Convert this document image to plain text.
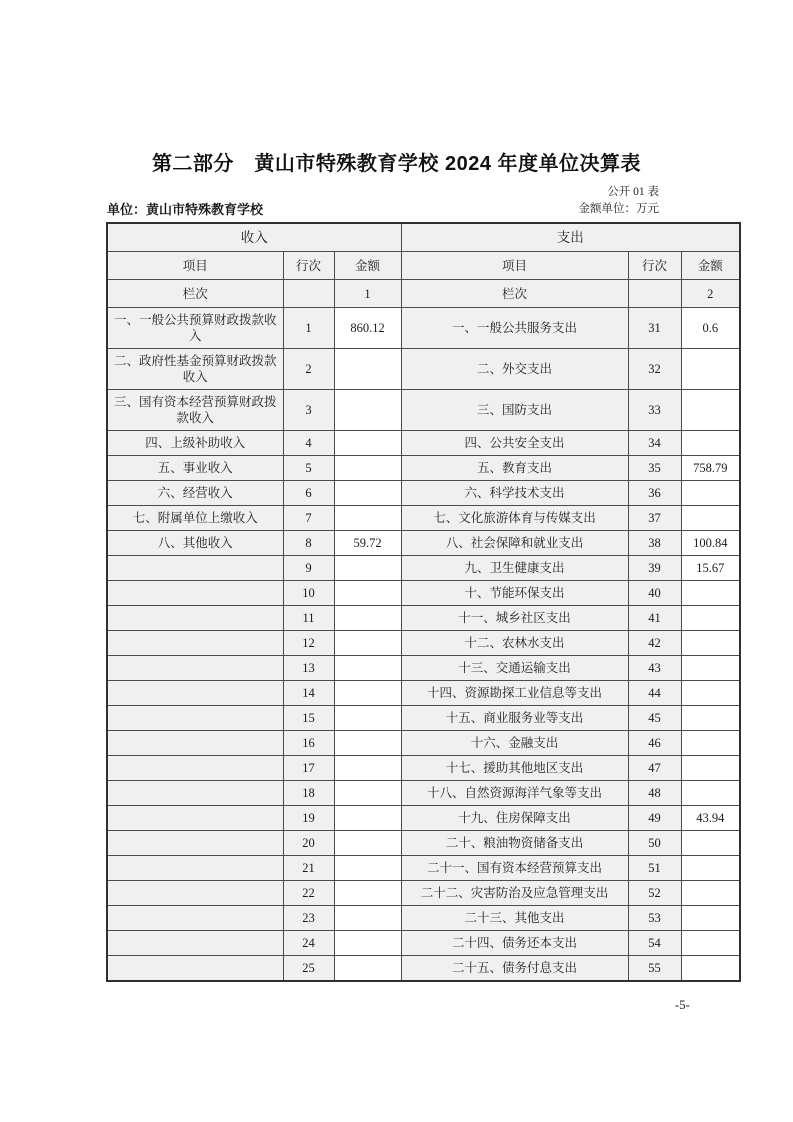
第二部分　黄山市特殊教育学校 2024 年度单位决算表
公开 01 表
金额单位：万元
单位：黄山市特殊教育学校
收入			支出		
项目	行次	金额	项目	行次	金额
栏次		1	栏次		2
一、一般公共预算财政拨款收入	1	860.12	一、一般公共服务支出	31	0.6
二、政府性基金预算财政拨款收入	2		二、外交支出	32	
三、国有资本经营预算财政拨款收入	3		三、国防支出	33	
四、上级补助收入	4		四、公共安全支出	34	
五、事业收入	5		五、教育支出	35	758.79
六、经营收入	6		六、科学技术支出	36	
七、附属单位上缴收入	7		七、文化旅游体育与传媒支出	37	
八、其他收入	8	59.72	八、社会保障和就业支出	38	100.84
	9		九、卫生健康支出	39	15.67
	10		十、节能环保支出	40	
	11		十一、城乡社区支出	41	
	12		十二、农林水支出	42	
	13		十三、交通运输支出	43	
	14		十四、资源勘探工业信息等支出	44	
	15		十五、商业服务业等支出	45	
	16		十六、金融支出	46	
	17		十七、援助其他地区支出	47	
	18		十八、自然资源海洋气象等支出	48	
	19		十九、住房保障支出	49	43.94
	20		二十、粮油物资储备支出	50	
	21		二十一、国有资本经营预算支出	51	
	22		二十二、灾害防治及应急管理支出	52	
	23		二十三、其他支出	53	
	24		二十四、债务还本支出	54	
	25		二十五、债务付息支出	55	
-5-
